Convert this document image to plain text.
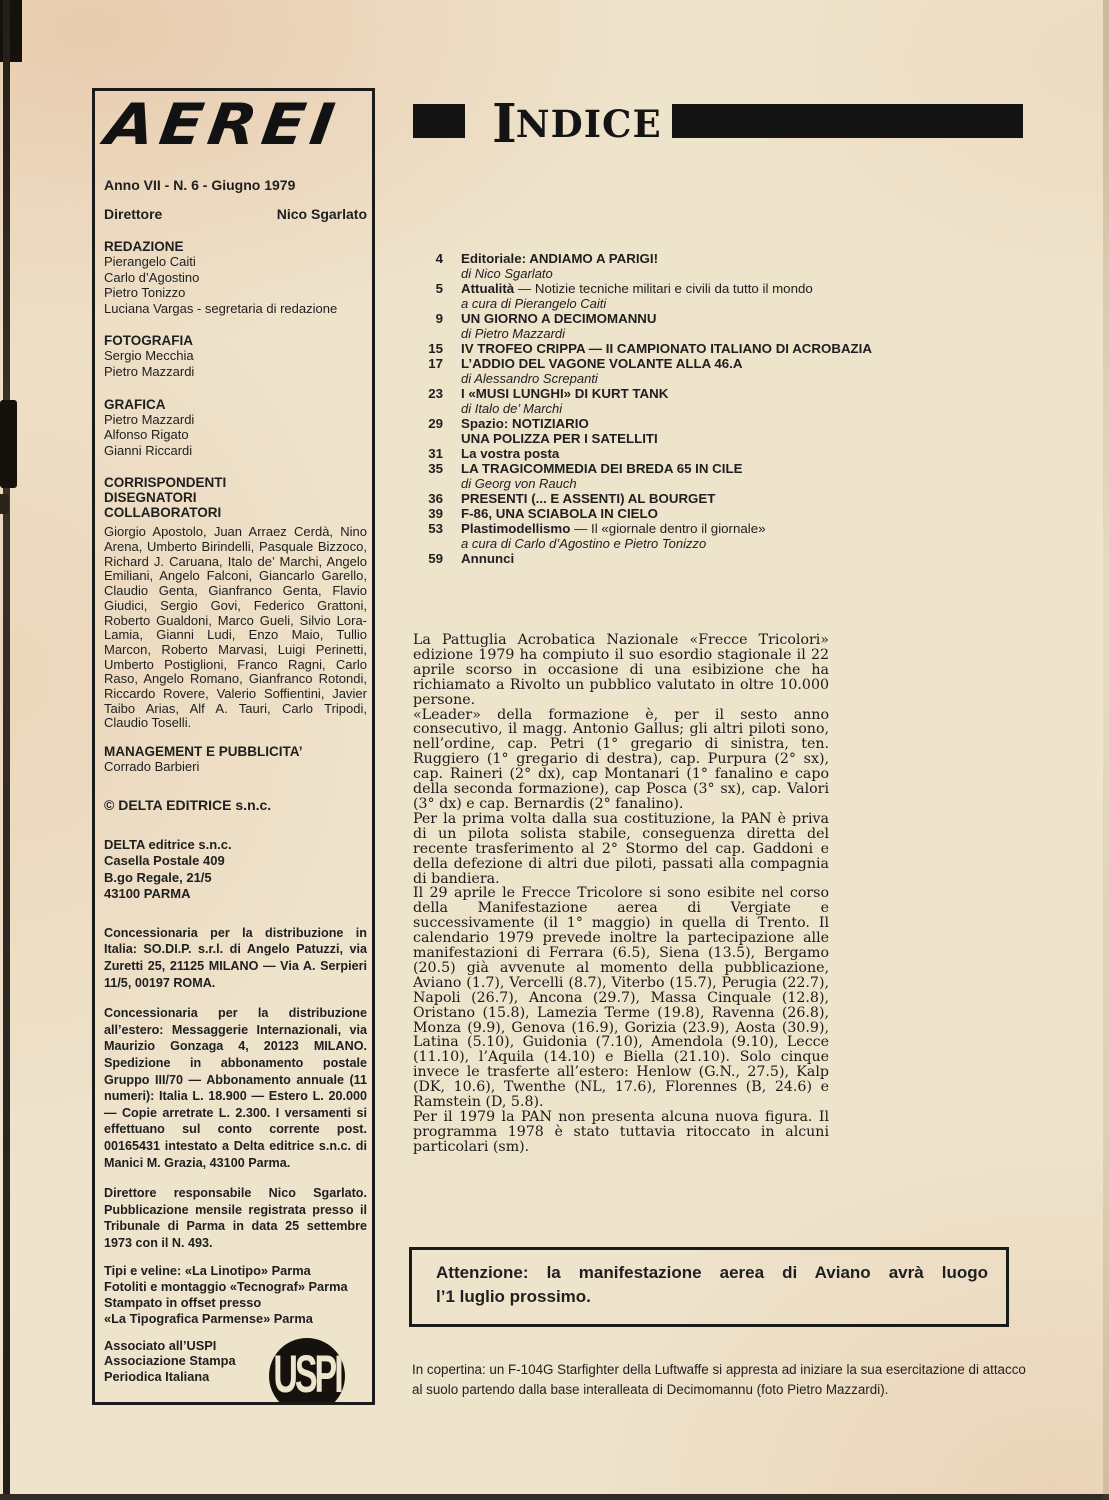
AEREI
Anno VII - N. 6 - Giugno 1979
Direttore	Nico Sgarlato
REDAZIONE
Pierangelo Caiti
Carlo d’Agostino
Pietro Tonizzo
Luciana Vargas - segretaria di redazione
FOTOGRAFIA
Sergio Mecchia
Pietro Mazzardi
GRAFICA
Pietro Mazzardi
Alfonso Rigato
Gianni Riccardi
CORRISPONDENTI
DISEGNATORI
COLLABORATORI
Giorgio Apostolo, Juan Arraez Cerdà, Nino Arena, Umberto Birindelli, Pasquale Bizzoco, Richard J. Caruana, Italo de’ Marchi, Angelo Emiliani, Angelo Falconi, Giancarlo Garello, Claudio Genta, Gianfranco Genta, Flavio Giudici, Sergio Govi, Federico Grattoni, Roberto Gualdoni, Marco Gueli, Silvio Lora-Lamia, Gianni Ludi, Enzo Maio, Tullio Marcon, Roberto Marvasi, Luigi Perinetti, Umberto Postiglioni, Franco Ragni, Carlo Raso, Angelo Romano, Gianfranco Rotondi, Riccardo Rovere, Valerio Soffientini, Javier Taibo Arias, Alf A. Tauri, Carlo Tripodi, Claudio Toselli.
MANAGEMENT E PUBBLICITA’
Corrado Barbieri
© DELTA EDITRICE s.n.c.
DELTA editrice s.n.c.
Casella Postale 409
B.go Regale, 21/5
43100 PARMA
Concessionaria per la distribuzione in Italia: SO.DI.P. s.r.l. di Angelo Patuzzi, via Zuretti 25, 21125 MILANO — Via A. Serpieri 11/5, 00197 ROMA.
Concessionaria per la distribuzione all’estero: Messaggerie Internazionali, via Maurizio Gonzaga 4, 20123 MILANO. Spedizione in abbonamento postale Gruppo III/70 — Abbonamento annuale (11 numeri): Italia L. 18.900 — Estero L. 20.000 — Copie arretrate L. 2.300. I versamenti si effettuano sul conto corrente post. 00165431 intestato a Delta editrice s.n.c. di Manici M. Grazia, 43100 Parma.
Direttore responsabile Nico Sgarlato. Pubblicazione mensile registrata presso il Tribunale di Parma in data 25 settembre 1973 con il N. 493.
Tipi e veline: «La Linotipo» Parma
Fotoliti e montaggio «Tecnograf» Parma
Stampato in offset presso
«La Tipografica Parmense» Parma
Associato all’USPI
Associazione Stampa
Periodica Italiana	USPI
INDICE
4 Editoriale: ANDIAMO A PARIGI!
di Nico Sgarlato
5 Attualità — Notizie tecniche militari e civili da tutto il mondo
a cura di Pierangelo Caiti
9 UN GIORNO A DECIMOMANNU
di Pietro Mazzardi
15 IV TROFEO CRIPPA — II CAMPIONATO ITALIANO DI ACROBAZIA
17 L’ADDIO DEL VAGONE VOLANTE ALLA 46.A
di Alessandro Screpanti
23 I «MUSI LUNGHI» DI KURT TANK
di Italo de’ Marchi
29 Spazio: NOTIZIARIO
UNA POLIZZA PER I SATELLITI
31 La vostra posta
35 LA TRAGICOMMEDIA DEI BREDA 65 IN CILE
di Georg von Rauch
36 PRESENTI (... E ASSENTI) AL BOURGET
39 F-86, UNA SCIABOLA IN CIELO
53 Plastimodellismo — Il «giornale dentro il giornale»
a cura di Carlo d’Agostino e Pietro Tonizzo
59 Annunci

La Pattuglia Acrobatica Nazionale «Frecce Tricolori» edizione 1979 ha compiuto il suo esordio stagionale il 22 aprile scorso in occasione di una esibizione che ha richiamato a Rivolto un pubblico valutato in oltre 10.000 persone.

«Leader» della formazione è, per il sesto anno consecutivo, il magg. Antonio Gallus; gli altri piloti sono, nell’ordine, cap. Petri (1° gregario di sinistra, ten. Ruggiero (1° gregario di destra), cap. Purpura (2° sx), cap. Raineri (2° dx), cap Montanari (1° fanalino e capo della seconda formazione), cap Posca (3° sx), cap. Valori (3° dx) e cap. Bernardis (2° fanalino).

Per la prima volta dalla sua costituzione, la PAN è priva di un pilota solista stabile, conseguenza diretta del recente trasferimento al 2° Stormo del cap. Gaddoni e della defezione di altri due piloti, passati alla compagnia di bandiera.

Il 29 aprile le Frecce Tricolore si sono esibite nel corso della Manifestazione aerea di Vergiate e successivamente (il 1° maggio) in quella di Trento. Il calendario 1979 prevede inoltre la partecipazione alle manifestazioni di Ferrara (6.5), Siena (13.5), Bergamo (20.5) già avvenute al momento della pubblicazione, Aviano (1.7), Vercelli (8.7), Viterbo (15.7), Perugia (22.7), Napoli (26.7), Ancona (29.7), Massa Cinquale (12.8), Oristano (15.8), Lamezia Terme (19.8), Ravenna (26.8), Monza (9.9), Genova (16.9), Gorizia (23.9), Aosta (30.9), Latina (5.10), Guidonia (7.10), Amendola (9.10), Lecce (11.10), l’Aquila (14.10) e Biella (21.10). Solo cinque invece le trasferte all’estero: Henlow (G.N., 27.5), Kalp (DK, 10.6), Twenthe (NL, 17.6), Florennes (B, 24.6) e Ramstein (D, 5.8).

Per il 1979 la PAN non presenta alcuna nuova figura. Il programma 1978 è stato tuttavia ritoccato in alcuni particolari (sm).

Attenzione: la manifestazione aerea di Aviano avrà luogo
l’1 luglio prossimo.
In copertina: un F-104G Starfighter della Luftwaffe si appresta ad iniziare la sua esercitazione di attacco al suolo partendo dalla base interalleata di Decimomannu (foto Pietro Mazzardi).
